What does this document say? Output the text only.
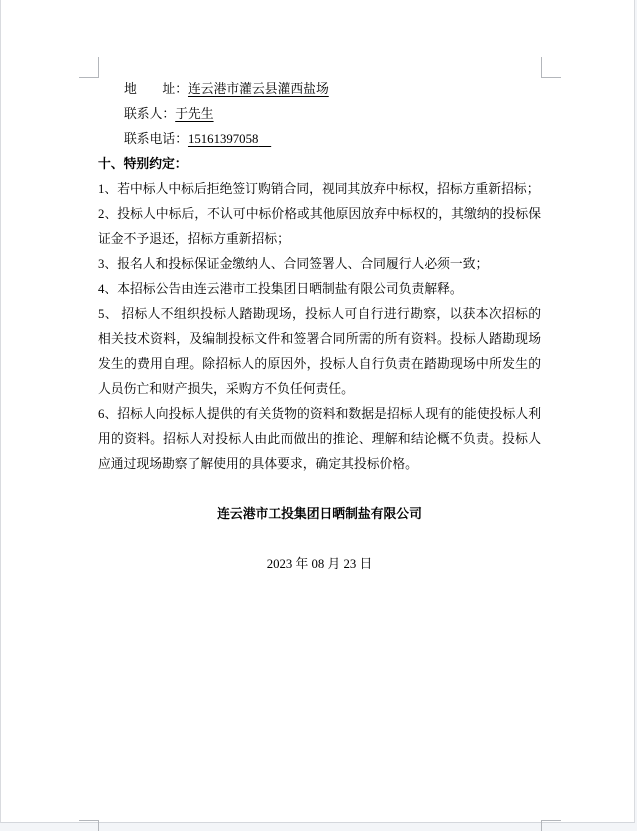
地　　址：连云港市灌云县灌西盐场

联系人：于先生

联系电话：15161397058

十、特别约定：

1、若中标人中标后拒绝签订购销合同，视同其放弃中标权，招标方重新招标；

2、投标人中标后，不认可中标价格或其他原因放弃中标权的，其缴纳的投标保证金不予退还，招标方重新招标；

3、报名人和投标保证金缴纳人、合同签署人、合同履行人必须一致；

4、本招标公告由连云港市工投集团日晒制盐有限公司负责解释。

5、 招标人不组织投标人踏勘现场，投标人可自行进行勘察，以获本次招标的相关技术资料，及编制投标文件和签署合同所需的所有资料。投标人踏勘现场发生的费用自理。除招标人的原因外，投标人自行负责在踏勘现场中所发生的人员伤亡和财产损失，采购方不负任何责任。

6、招标人向投标人提供的有关货物的资料和数据是招标人现有的能使投标人利用的资料。招标人对投标人由此而做出的推论、理解和结论概不负责。投标人应通过现场勘察了解使用的具体要求，确定其投标价格。

连云港市工投集团日晒制盐有限公司

2023 年 08 月 23 日
